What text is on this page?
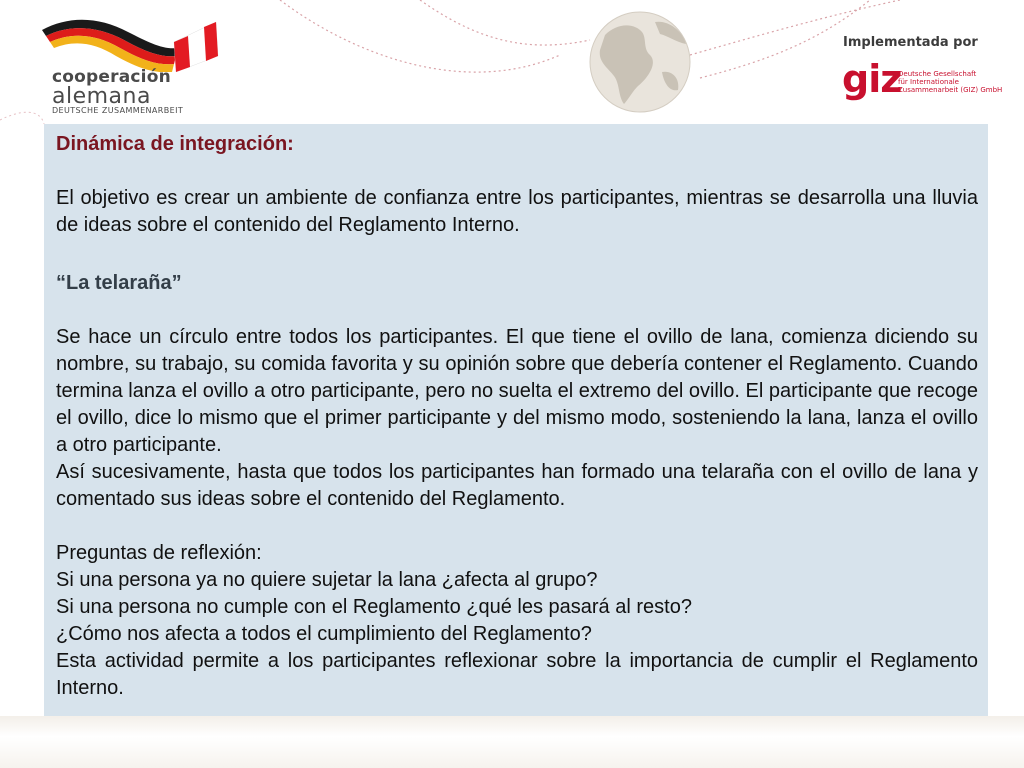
cooperación
alemana
DEUTSCHE ZUSAMMENARBEIT
Implementada por
giz
Deutsche Gesellschaft
für Internationale
Zusammenarbeit (GIZ) GmbH

Dinámica de integración:

El objetivo es crear un ambiente de confianza entre los participantes, mientras se desarrolla una lluvia de ideas sobre el contenido del Reglamento Interno.

“La telaraña”

Se hace un círculo entre todos los participantes. El que tiene el ovillo de lana, comienza diciendo su nombre, su trabajo, su comida favorita y su opinión sobre que debería contener el Reglamento. Cuando termina lanza el ovillo a otro participante, pero no suelta el extremo del ovillo. El participante que recoge el ovillo, dice lo mismo que el primer participante y del mismo modo, sosteniendo la lana, lanza el ovillo a otro participante.

Así sucesivamente, hasta que todos los participantes han formado una telaraña con el ovillo de lana y comentado sus ideas sobre el contenido del Reglamento.

Preguntas de reflexión:

Si una persona ya no quiere sujetar la lana ¿afecta al grupo?

Si una persona no cumple con el Reglamento ¿qué les pasará al resto?

¿Cómo nos afecta a todos el cumplimiento del Reglamento?

Esta actividad permite a los participantes reflexionar sobre la importancia de cumplir el Reglamento Interno.
